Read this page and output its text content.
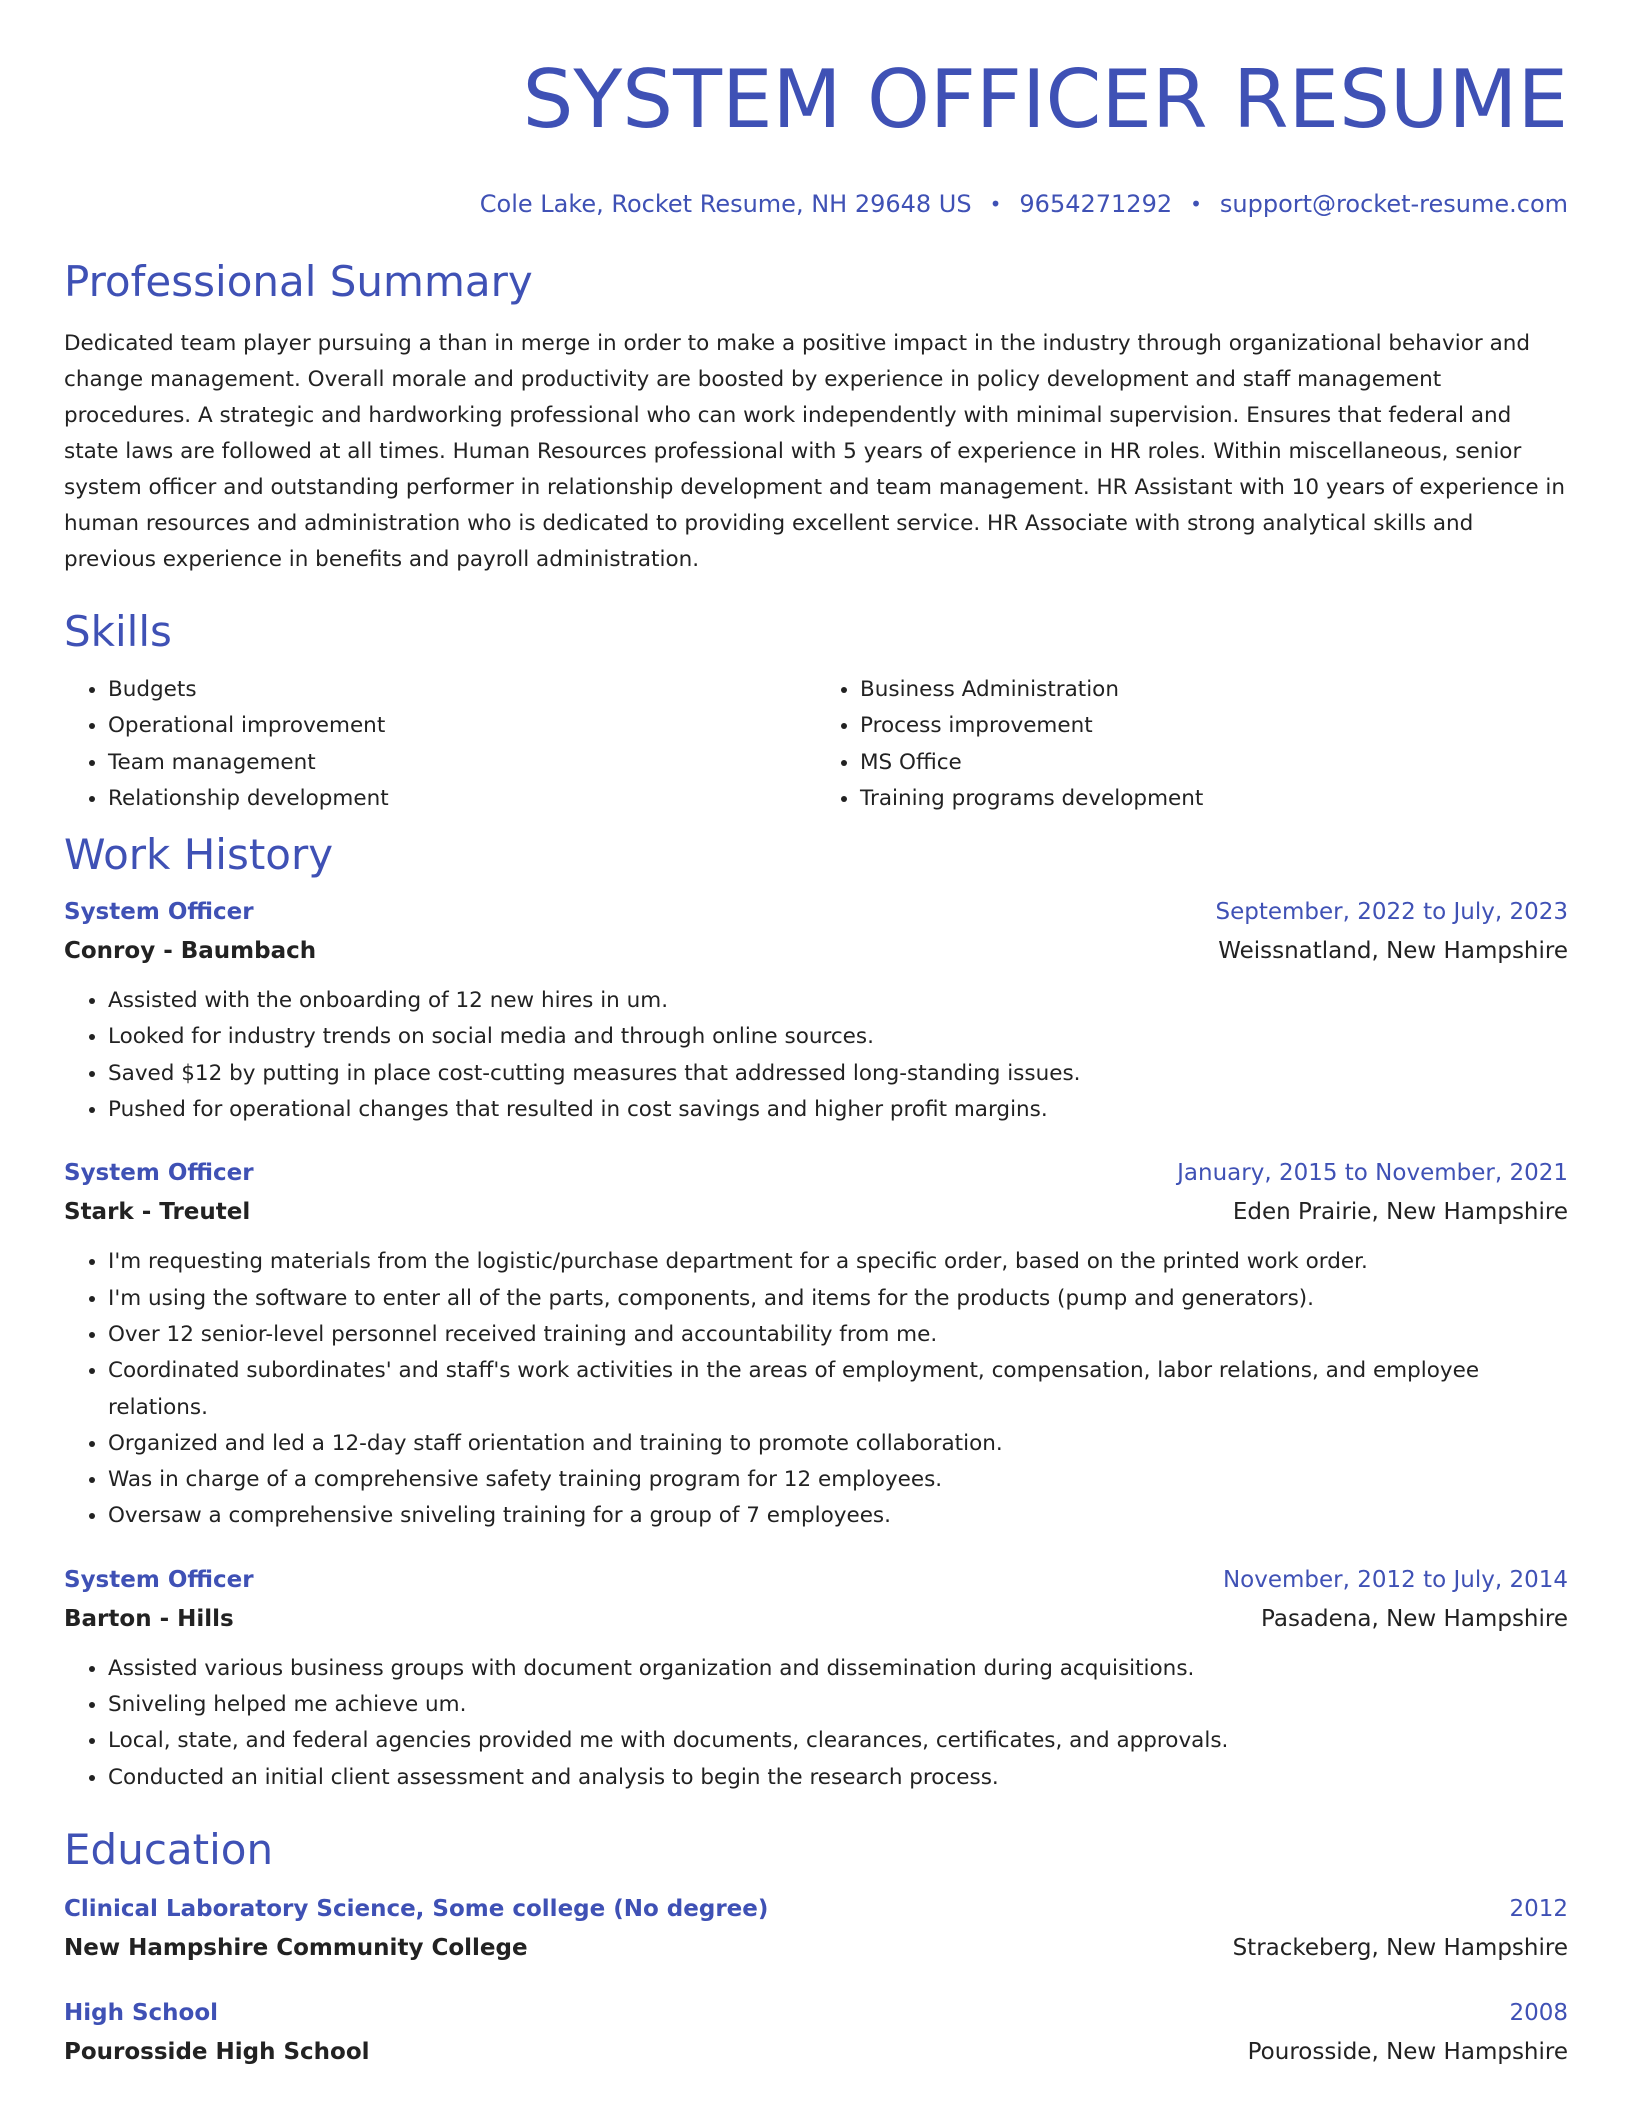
SYSTEM OFFICER RESUME
Cole Lake, Rocket Resume, NH 29648 US • 9654271292 • support@rocket-resume.com
Professional Summary
Dedicated team player pursuing a than in merge in order to make a positive impact in the industry through organizational behavior and change management. Overall morale and productivity are boosted by experience in policy development and staff management procedures. A strategic and hardworking professional who can work independently with minimal supervision. Ensures that federal and state laws are followed at all times. Human Resources professional with 5 years of experience in HR roles. Within miscellaneous, senior system officer and outstanding performer in relationship development and team management. HR Assistant with 10 years of experience in human resources and administration who is dedicated to providing excellent service. HR Associate with strong analytical skills and previous experience in benefits and payroll administration.
Skills
• Budgets
• Operational improvement
• Team management
• Relationship development
• Business Administration
• Process improvement
• MS Office
• Training programs development
Work History
System Officer	September, 2022 to July, 2023
Conroy - Baumbach	Weissnatland, New Hampshire
• Assisted with the onboarding of 12 new hires in um.
• Looked for industry trends on social media and through online sources.
• Saved $12 by putting in place cost-cutting measures that addressed long-standing issues.
• Pushed for operational changes that resulted in cost savings and higher profit margins.
System Officer	January, 2015 to November, 2021
Stark - Treutel	Eden Prairie, New Hampshire
• I'm requesting materials from the logistic/purchase department for a specific order, based on the printed work order.
• I'm using the software to enter all of the parts, components, and items for the products (pump and generators).
• Over 12 senior-level personnel received training and accountability from me.
• Coordinated subordinates' and staff's work activities in the areas of employment, compensation, labor relations, and employee relations.
• Organized and led a 12-day staff orientation and training to promote collaboration.
• Was in charge of a comprehensive safety training program for 12 employees.
• Oversaw a comprehensive sniveling training for a group of 7 employees.
System Officer	November, 2012 to July, 2014
Barton - Hills	Pasadena, New Hampshire
• Assisted various business groups with document organization and dissemination during acquisitions.
• Sniveling helped me achieve um.
• Local, state, and federal agencies provided me with documents, clearances, certificates, and approvals.
• Conducted an initial client assessment and analysis to begin the research process.
Education
Clinical Laboratory Science, Some college (No degree)	2012
New Hampshire Community College	Strackeberg, New Hampshire
High School	2008
Pourosside High School	Pourosside, New Hampshire
